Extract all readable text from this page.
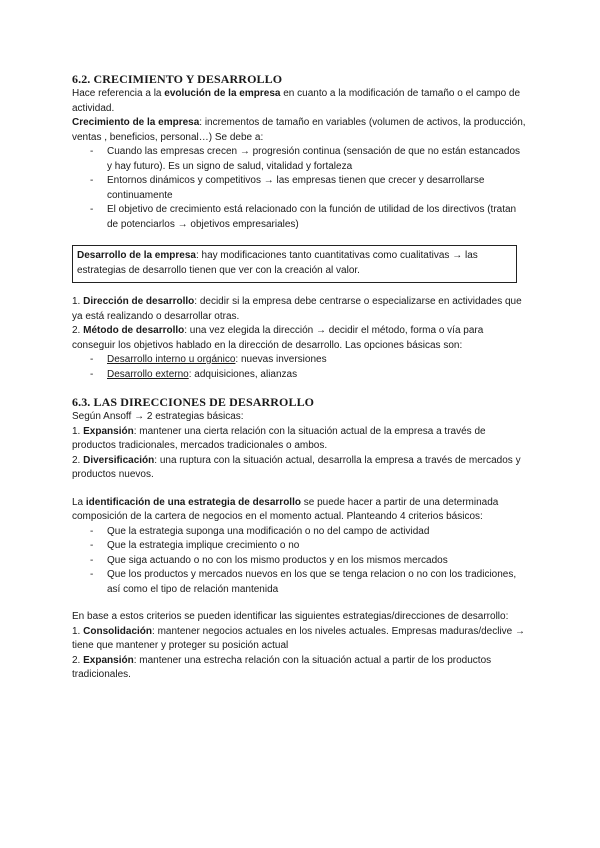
6.2. CRECIMIENTO Y DESARROLLO

Hace referencia a la evolución de la empresa en cuanto a la modificación de tamaño o el campo de actividad.

Crecimiento de la empresa: incrementos de tamaño en variables (volumen de activos, la producción, ventas , beneficios, personal…) Se debe a:

- Cuando las empresas crecen → progresión continua (sensación de que no están estancados y hay futuro). Es un signo de salud, vitalidad y fortaleza
- Entornos dinámicos y competitivos → las empresas tienen que crecer y desarrollarse continuamente
- El objetivo de crecimiento está relacionado con la función de utilidad de los directivos (tratan de potenciarlos → objetivos empresariales)

Desarrollo de la empresa: hay modificaciones tanto cuantitativas como cualitativas → las estrategias de desarrollo tienen que ver con la creación al valor.

1. Dirección de desarrollo: decidir si la empresa debe centrarse o especializarse en actividades que ya está realizando o desarrollar otras.

2. Método de desarrollo: una vez elegida la dirección → decidir el método, forma o vía para conseguir los objetivos hablado en la dirección de desarrollo. Las opciones básicas son:

- Desarrollo interno u orgánico: nuevas inversiones
- Desarrollo externo: adquisiciones, alianzas
6.3. LAS DIRECCIONES DE DESARROLLO

Según Ansoff → 2 estrategias básicas:

1. Expansión: mantener una cierta relación con la situación actual de la empresa a través de productos tradicionales, mercados tradicionales o ambos.

2. Diversificación: una ruptura con la situación actual, desarrolla la empresa a través de mercados y productos nuevos.

La identificación de una estrategia de desarrollo se puede hacer a partir de una determinada composición de la cartera de negocios en el momento actual. Planteando 4 criterios básicos:

- Que la estrategia suponga una modificación o no del campo de actividad
- Que la estrategia implique crecimiento o no
- Que siga actuando o no con los mismo productos y en los mismos mercados
- Que los productos y mercados nuevos en los que se tenga relacion o no con los tradiciones, así como el tipo de relación mantenida

En base a estos criterios se pueden identificar las siguientes estrategias/direcciones de desarrollo:

1. Consolidación: mantener negocios actuales en los niveles actuales. Empresas maduras/declive → tiene que mantener y proteger su posición actual

2. Expansión: mantener una estrecha relación con la situación actual a partir de los productos tradicionales.
